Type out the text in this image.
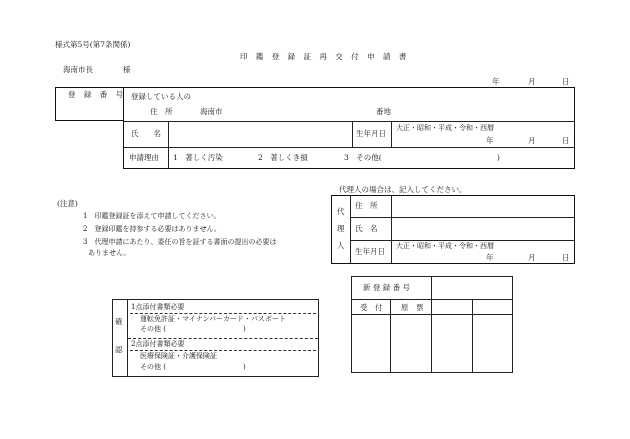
様式第5号(第7条関係)
印 鑑 登 録 証 再 交 付 申 請 書
海南市長　　　　様
年	月	日
登 録 番 号 登録している人の
住　所	海南市	番地
氏　　名	生年月日
大正・昭和・平成・令和・西暦
年	月	日
申請理由 1　著しく汚染	2　著しくき損	3　その他(	)
(注意)
1　印鑑登録証を添えて申請してください。
2　登録印鑑を持参する必要はありません。
3　代理申請にあたり、委任の旨を証する書面の提出の必要は
ありません。
代理人の場合は、記入してください。
代
理
人
住　所
氏　名
生年月日
大正・昭和・平成・令和・西暦
年	月	日
確
認
1点添付書類必要
運転免許証・マイナンバーカード・パスポート
その他 (　　　　　　　　　　　)
2点添付書類必要
医療保険証・介護保険証
その他 (　　　　　　　　　　　)
新 登 録 番 号
受　付 原　票
